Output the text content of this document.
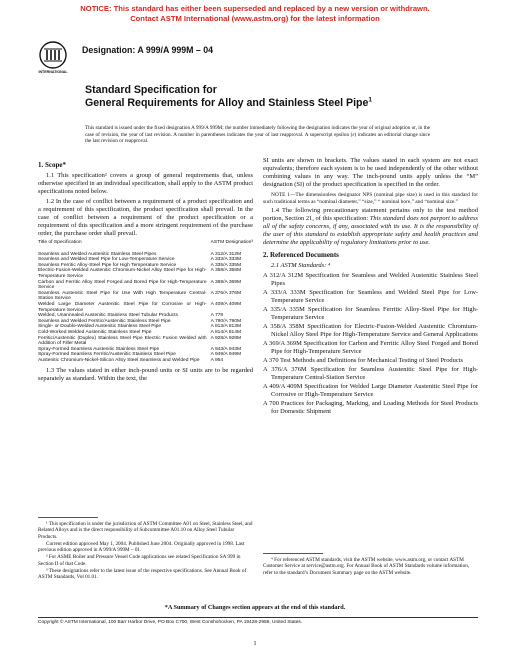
NOTICE: This standard has either been superseded and replaced by a new version or withdrawn.
Contact ASTM International (www.astm.org) for the latest information
INTERNATIONAL
Designation: A 999/A 999M – 04
Standard Specification for
General Requirements for Alloy and Stainless Steel Pipe$^1$
This standard is issued under the fixed designation A 999/A 999M; the number immediately following the designation indicates the year of original adoption or, in the case of revision, the year of last revision. A number in parentheses indicates the year of last reapproval. A superscript epsilon (ε) indicates an editorial change since the last revision or reapproval.

1. Scope*

1.1 This specification² covers a group of general requirements that, unless otherwise specified in an individual specification, shall apply to the ASTM product specifications noted below.

1.2 In the case of conflict between a requirement of a product specification and a requirement of this specification, the product specification shall prevail. In the case of conflict between a requirement of the product specification or a requirement of this specification and a more stringent requirement of the purchase order, the purchase order shall prevail.

Title of Specification	ASTM Designation³
Seamless and Welded Austenitic Stainless Steel Pipes	A 312/A 312M
Seamless and Welded Steel Pipe for Low-Temperature Service	A 333/A 333M
Seamless Ferritic Alloy-Steel Pipe for High Temperature Service	A 335/A 335M
Electric-Fusion-Welded Austenitic Chromium-Nickel Alloy Steel Pipe for High-Temperature Service	A 358/A 358M
Carbon and Ferritic Alloy Steel Forged and Bored Pipe for High-Temperature Service	A 369/A 369M
Seamless Austenitic Steel Pipe for Use With High Temperature Central-Station Service	A 376/A 376M
Welded Large Diameter Austenitic Steel Pipe for Corrosive or High-Temperature Service	A 409/A 409M
Welded, Unannealed Austenitic Stainless Steel Tubular Products	A 778
Seamless and Welded Ferritic/Austenitic Stainless Steel Pipe	A 790/A 790M
Single- or Double-Welded Austenitic Stainless Steel Pipe	A 813/A 813M
Cold-Worked Welded Austenitic Stainless Steel Pipe	A 814/A 814M
Ferritic/Austenitic (Duplex) Stainless Steel Pipe Electric Fusion Welded with Addition of Filler Metal	A 928/A 928M
Spray-Formed Seamless Austenitic Stainless Steel Pipe	A 943/A 943M
Spray-Formed Seamless Ferritic/Austenitic Stainless Steel Pipe	A 949/A 949M
Austenitic Chromium-Nickel-Silicon Alloy Steel Seamless and Welded Pipe	A 954

1.3 The values stated in either inch-pound units or SI units are to be regarded separately as standard. Within the text, the

SI units are shown in brackets. The values stated in each system are not exact equivalents; therefore each system is to be used independently of the other without combining values in any way. The inch-pound units apply unless the “M” designation (SI) of the product specification is specified in the order.

NOTE 1—The dimensionless designator NPS (nominal pipe size) is used in this standard for such traditional terms as “nominal diameter,” “size,” “ nominal bore,” and “nominal size.”

1.4 The following precautionary statement pertains only to the test method portion, Section 21, of this specification: This standard does not purport to address all of the safety concerns, if any, associated with its use. It is the responsibility of the user of this standard to establish appropriate safety and health practices and determine the applicability of regulatory limitations prior to use.

2. Referenced Documents

2.1 ASTM Standards: ⁴

A 312/A 312M Specification for Seamless and Welded Austenitic Stainless Steel Pipes

A 333/A 333M Specification for Seamless and Welded Steel Pipe for Low-Temperature Service

A 335/A 335M Specification for Seamless Ferritic Alloy-Steel Pipe for High-Temperature Service

A 358/A 358M Specification for Electric-Fusion-Welded Austenitic Chromium-Nickel Alloy Steel Pipe for High-Temperature Service and General Applications

A 369/A 369M Specification for Carbon and Ferritic Alloy Steel Forged and Bored Pipe for High-Temperature Service

A 370 Test Methods and Definitions for Mechanical Testing of Steel Products

A 376/A 376M Specification for Seamless Austenitic Steel Pipe for High-Temperature Central-Station Service

A 409/A 409M Specification for Welded Large Diameter Austenitic Steel Pipe for Corrosive or High-Temperature Service

A 700 Practices for Packaging, Marking, and Loading Methods for Steel Products for Domestic Shipment

¹ This specification is under the jurisdiction of ASTM Committee A01 on Steel, Stainless Steel, and Related Alloys and is the direct responsibility of Subcommittee A01.10 on Alloy Steel Tubular Products.

Current edition approved May 1, 2004. Published June 2004. Originally approved in 1998. Last previous edition approved in A 999/A 999M – 01.

² For ASME Boiler and Pressure Vessel Code applications see related Specification SA 999 in Section II of that Code.

³ These designations refer to the latest issue of the respective specifications. See Annual Book of ASTM Standards, Vol 01.01.

⁴ For referenced ASTM standards, visit the ASTM website, www.astm.org, or contact ASTM Customer Service at service@astm.org. For Annual Book of ASTM Standards volume information, refer to the standard’s Document Summary page on the ASTM website.

*A Summary of Changes section appears at the end of this standard.
Copyright © ASTM International, 100 Barr Harbor Drive, PO Box C700, West Conshohocken, PA 19428-2959, United States.
1
